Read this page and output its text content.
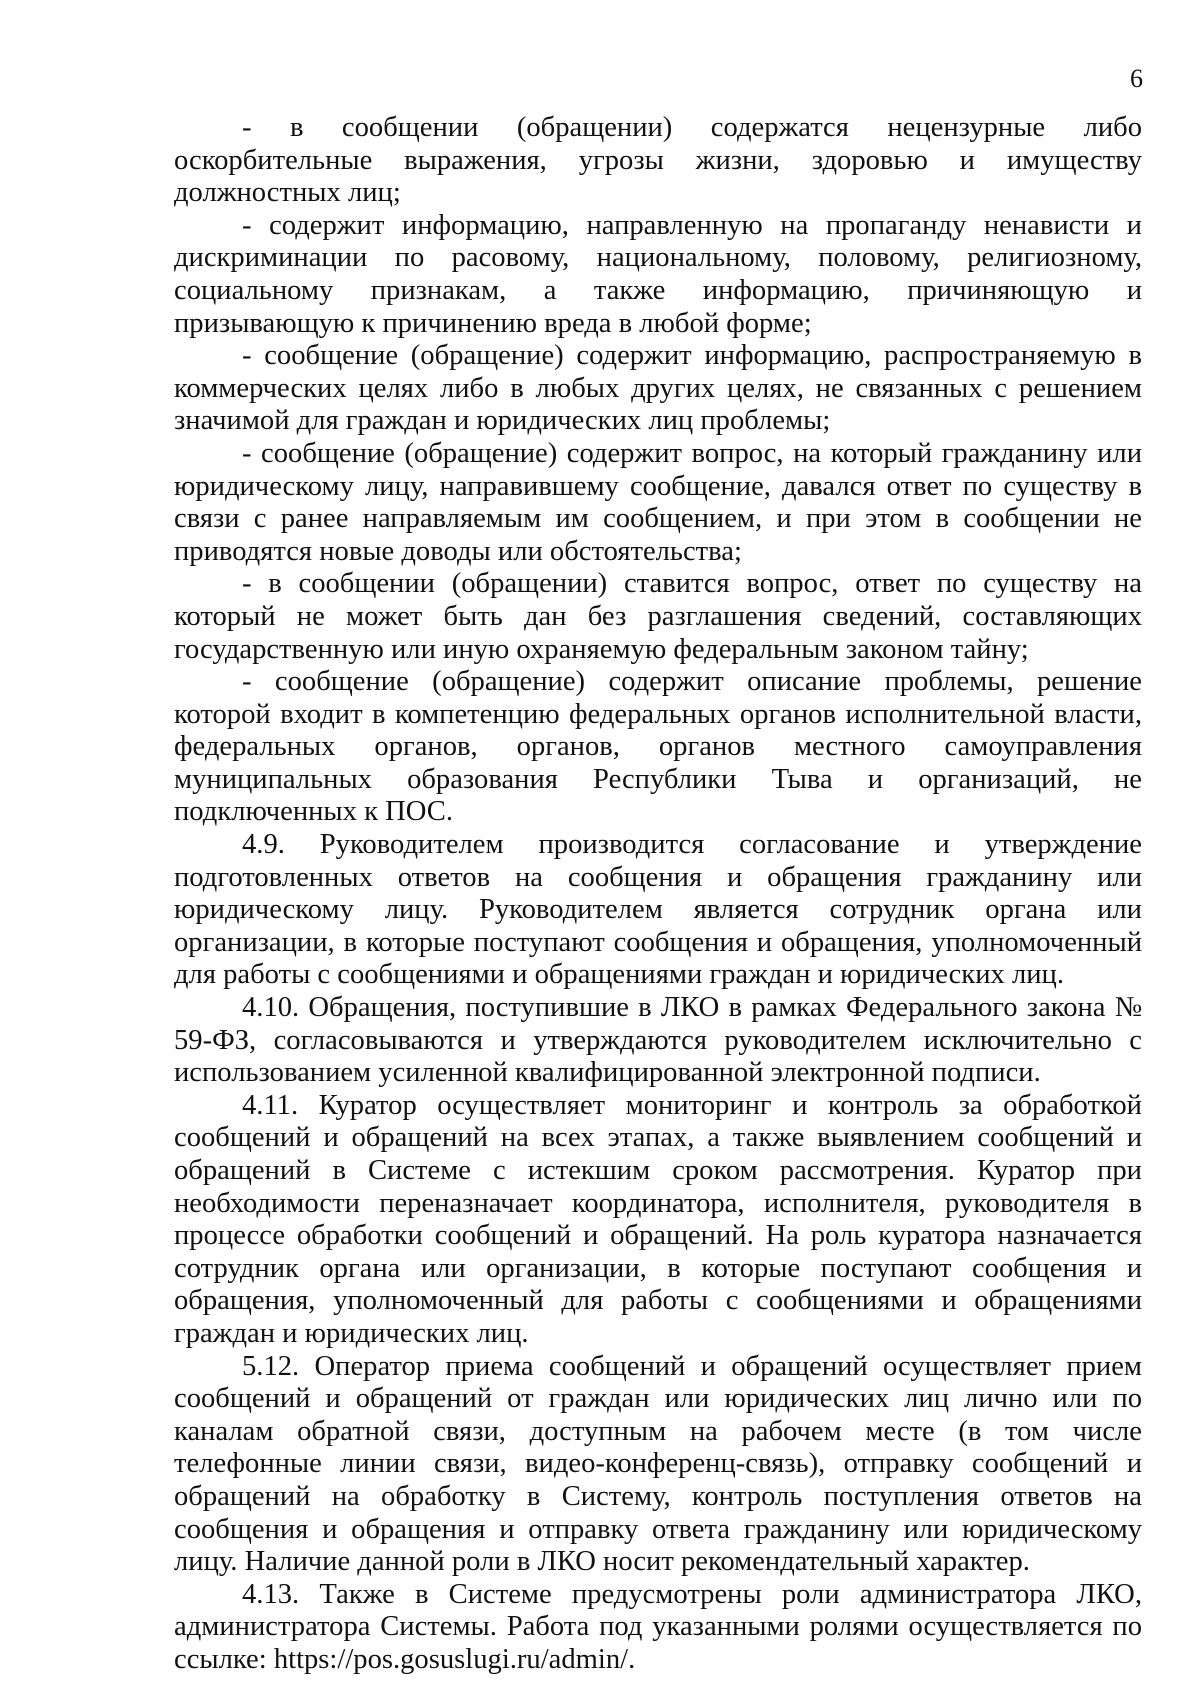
6

- в сообщении (обращении) содержатся нецензурные либо оскорбительные выражения, угрозы жизни, здоровью и имуществу должностных лиц;

- содержит информацию, направленную на пропаганду ненависти и дискриминации по расовому, национальному, половому, религиозному, социальному признакам, а также информацию, причиняющую и призывающую к причинению вреда в любой форме;

- сообщение (обращение) содержит информацию, распространяемую в коммерческих целях либо в любых других целях, не связанных с решением значимой для граждан и юридических лиц проблемы;

- сообщение (обращение) содержит вопрос, на который гражданину или юридическому лицу, направившему сообщение, давался ответ по существу в связи с ранее направляемым им сообщением, и при этом в сообщении не приводятся новые доводы или обстоятельства;

- в сообщении (обращении) ставится вопрос, ответ по существу на который не может быть дан без разглашения сведений, составляющих государственную или иную охраняемую федеральным законом тайну;

- сообщение (обращение) содержит описание проблемы, решение которой входит в компетенцию федеральных органов исполнительной власти, федеральных органов, органов, органов местного самоуправления муниципальных образования Республики Тыва и организаций, не подключенных к ПОС.

4.9. Руководителем производится согласование и утверждение подготовленных ответов на сообщения и обращения гражданину или юридическому лицу. Руководителем является сотрудник органа или организации, в которые поступают сообщения и обращения, уполномоченный для работы с сообщениями и обращениями граждан и юридических лиц.

4.10. Обращения, поступившие в ЛКО в рамках Федерального закона № 59-ФЗ, согласовываются и утверждаются руководителем исключительно с использованием усиленной квалифицированной электронной подписи.

4.11. Куратор осуществляет мониторинг и контроль за обработкой сообщений и обращений на всех этапах, а также выявлением сообщений и обращений в Системе с истекшим сроком рассмотрения. Куратор при необходимости переназначает координатора, исполнителя, руководителя в процессе обработки сообщений и обращений. На роль куратора назначается сотрудник органа или организации, в которые поступают сообщения и обращения, уполномоченный для работы с сообщениями и обращениями граждан и юридических лиц.

5.12. Оператор приема сообщений и обращений осуществляет прием сообщений и обращений от граждан или юридических лиц лично или по каналам обратной связи, доступным на рабочем месте (в том числе телефонные линии связи, видео-конференц-связь), отправку сообщений и обращений на обработку в Систему, контроль поступления ответов на сообщения и обращения и отправку ответа гражданину или юридическому лицу. Наличие данной роли в ЛКО носит рекомендательный характер.

4.13. Также в Системе предусмотрены роли администратора ЛКО, администратора Системы. Работа под указанными ролями осуществляется по ссылке: https://pos.gosuslugi.ru/admin/.
